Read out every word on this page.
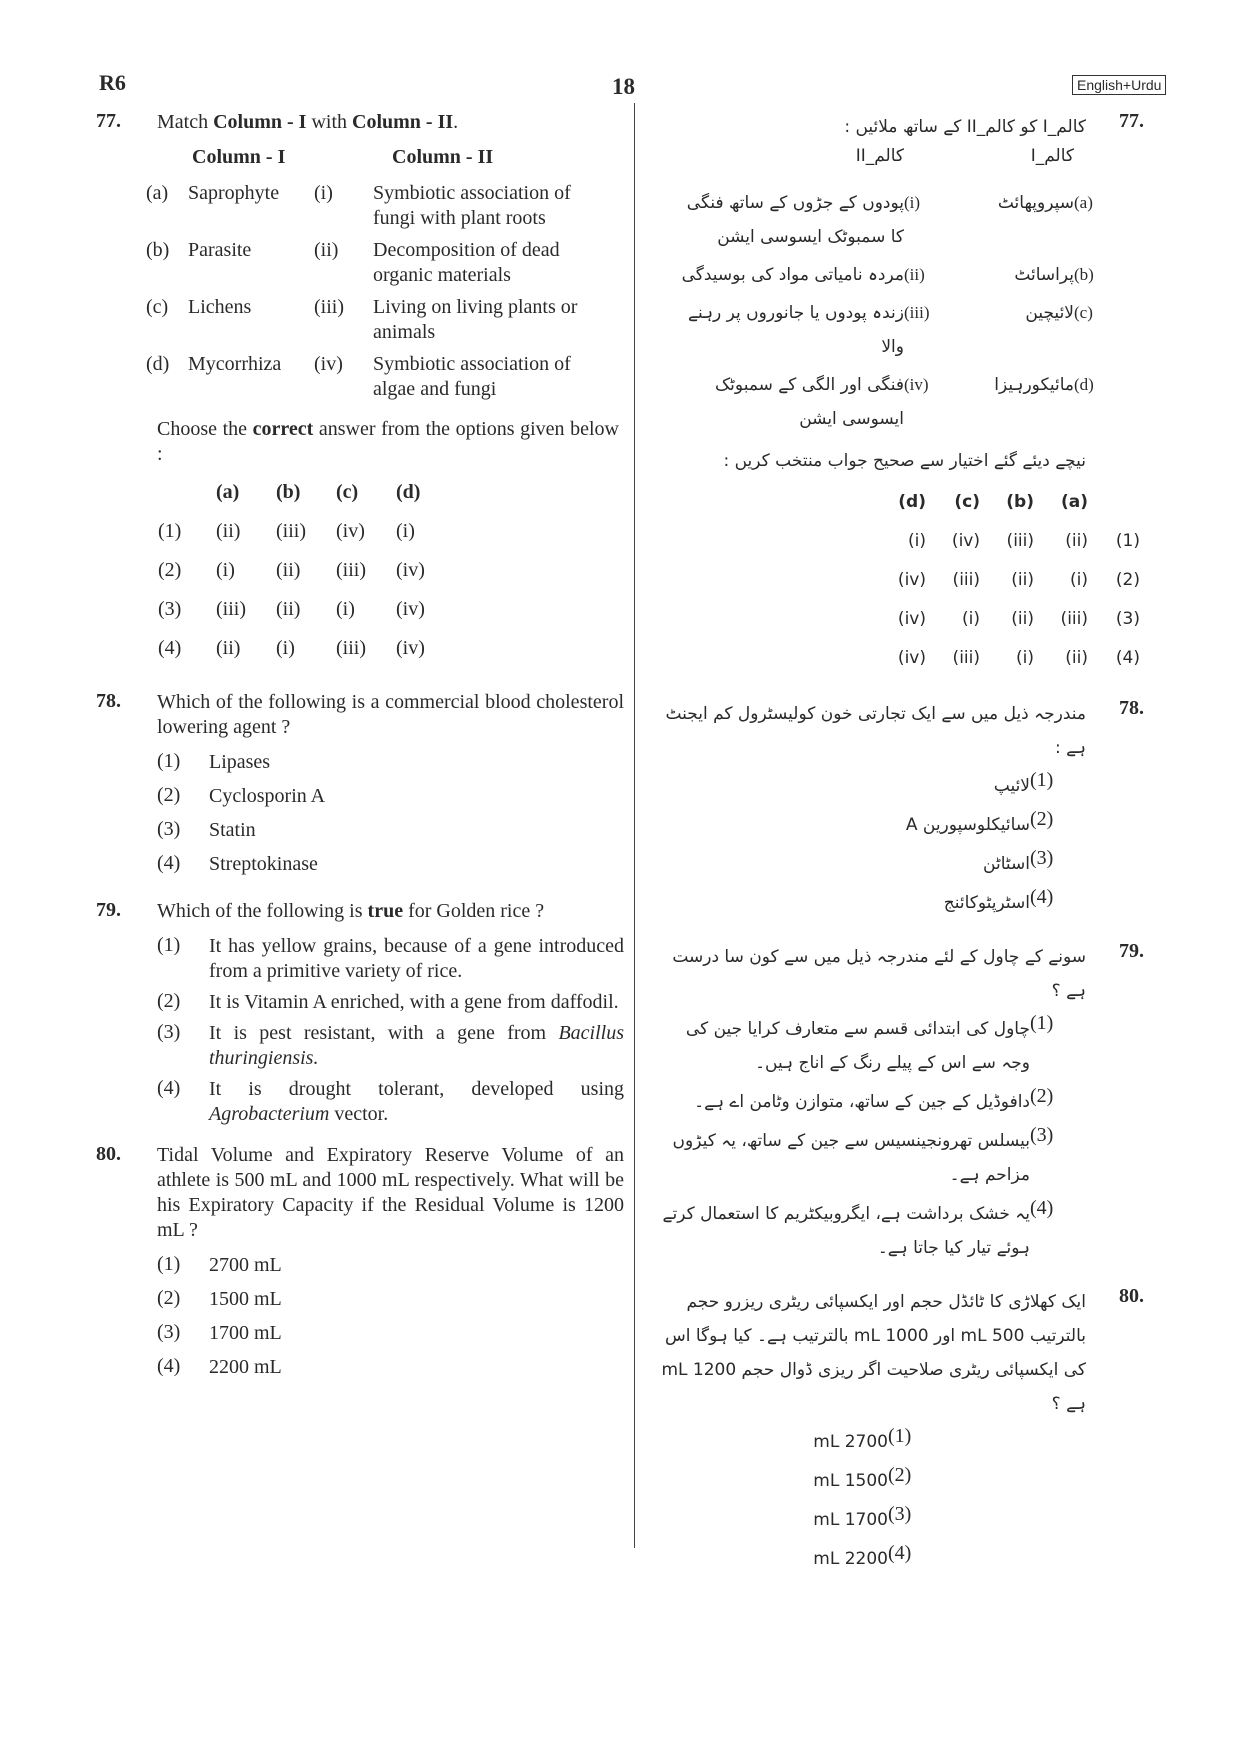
R6	18	English+Urdu
77. Match Column - I with Column - II.
	Column - I		Column - II
(a)	Saprophyte	(i)	Symbiotic association of fungi with plant roots
(b)	Parasite	(ii)	Decomposition of dead organic materials
(c)	Lichens	(iii)	Living on living plants or animals
(d)	Mycorrhiza	(iv)	Symbiotic association of algae and fungi
Choose the correct answer from the options given below :
	(a)	(b)	(c)	(d)
(1)	(ii)	(iii)	(iv)	(i)
(2)	(i)	(ii)	(iii)	(iv)
(3)	(iii)	(ii)	(i)	(iv)
(4)	(ii)	(i)	(iii)	(iv)
78. Which of the following is a commercial blood cholesterol lowering agent ?
(1)	Lipases
(2)	Cyclosporin A
(3)	Statin
(4)	Streptokinase
79. Which of the following is true for Golden rice ?
(1)	It has yellow grains, because of a gene introduced from a primitive variety of rice.
(2)	It is Vitamin A enriched, with a gene from daffodil.
(3)	It is pest resistant, with a gene from Bacillus thuringiensis.
(4)	It is drought tolerant, developed using Agrobacterium vector.
80. Tidal Volume and Expiratory Reserve Volume of an athlete is 500 mL and 1000 mL respectively. What will be his Expiratory Capacity if the Residual Volume is 1200 mL ?
(1)	2700 mL
(2)	1500 mL
(3)	1700 mL
(4)	2200 mL
.77
کالم_I کو کالم_II کے ساتھ ملائیں :
	کالم_I		کالم_II
(a)	سپروپھائٹ	(i)	پودوں کے جڑوں کے ساتھ فنگی کا سمبوٹک ایسوسی ایشن
(b)	پراسائٹ	(ii)	مردہ نامیاتی مواد کی بوسیدگی
(c)	لائیچین	(iii)	زندہ پودوں یا جانوروں پر رہنے والا
(d)	مائیکورہیزا	(iv)	فنگی اور الگی کے سمبوٹک ایسوسی ایشن
نیچے دیئے گئے اختیار سے صحیح جواب منتخب کریں :
	(a)	(b)	(c)	(d)
(1)	(ii)	(iii)	(iv)	(i)
(2)	(i)	(ii)	(iii)	(iv)
(3)	(iii)	(ii)	(i)	(iv)
(4)	(ii)	(i)	(iii)	(iv)
.78
مندرجہ ذیل میں سے ایک تجارتی خون کولیسٹرول کم ایجنٹ ہے :
(1)
لائیپ
(2)
سائیکلوسپورین A
(3)
اسٹاٹن
(4)
اسٹرپٹوکائنج
.79
سونے کے چاول کے لئے مندرجہ ذیل میں سے کون سا درست ہے ؟
(1)
چاول کی ابتدائی قسم سے متعارف کرایا جین کی وجہ سے اس کے پیلے رنگ کے اناج ہیں۔
(2)
دافوڈیل کے جین کے ساتھ، متوازن وٹامن اے ہے۔
(3)
بیسلس تھرونجینسیس سے جین کے ساتھ، یہ کیڑوں مزاحم ہے۔
(4)
یہ خشک برداشت ہے، ایگروبیکٹریم کا استعمال کرتے ہوئے تیار کیا جاتا ہے۔
.80
ایک کھلاڑی کا ٹائڈل حجم اور ایکسپائی ریٹری ریزرو حجم بالترتیب 500 mL اور 1000 mL بالترتیب ہے۔ کیا ہوگا اس کی ایکسپائی ریٹری صلاحیت اگر ریزی ڈوال حجم 1200 mL ہے ؟
(1)
2700 mL
(2)
1500 mL
(3)
1700 mL
(4)
2200 mL
